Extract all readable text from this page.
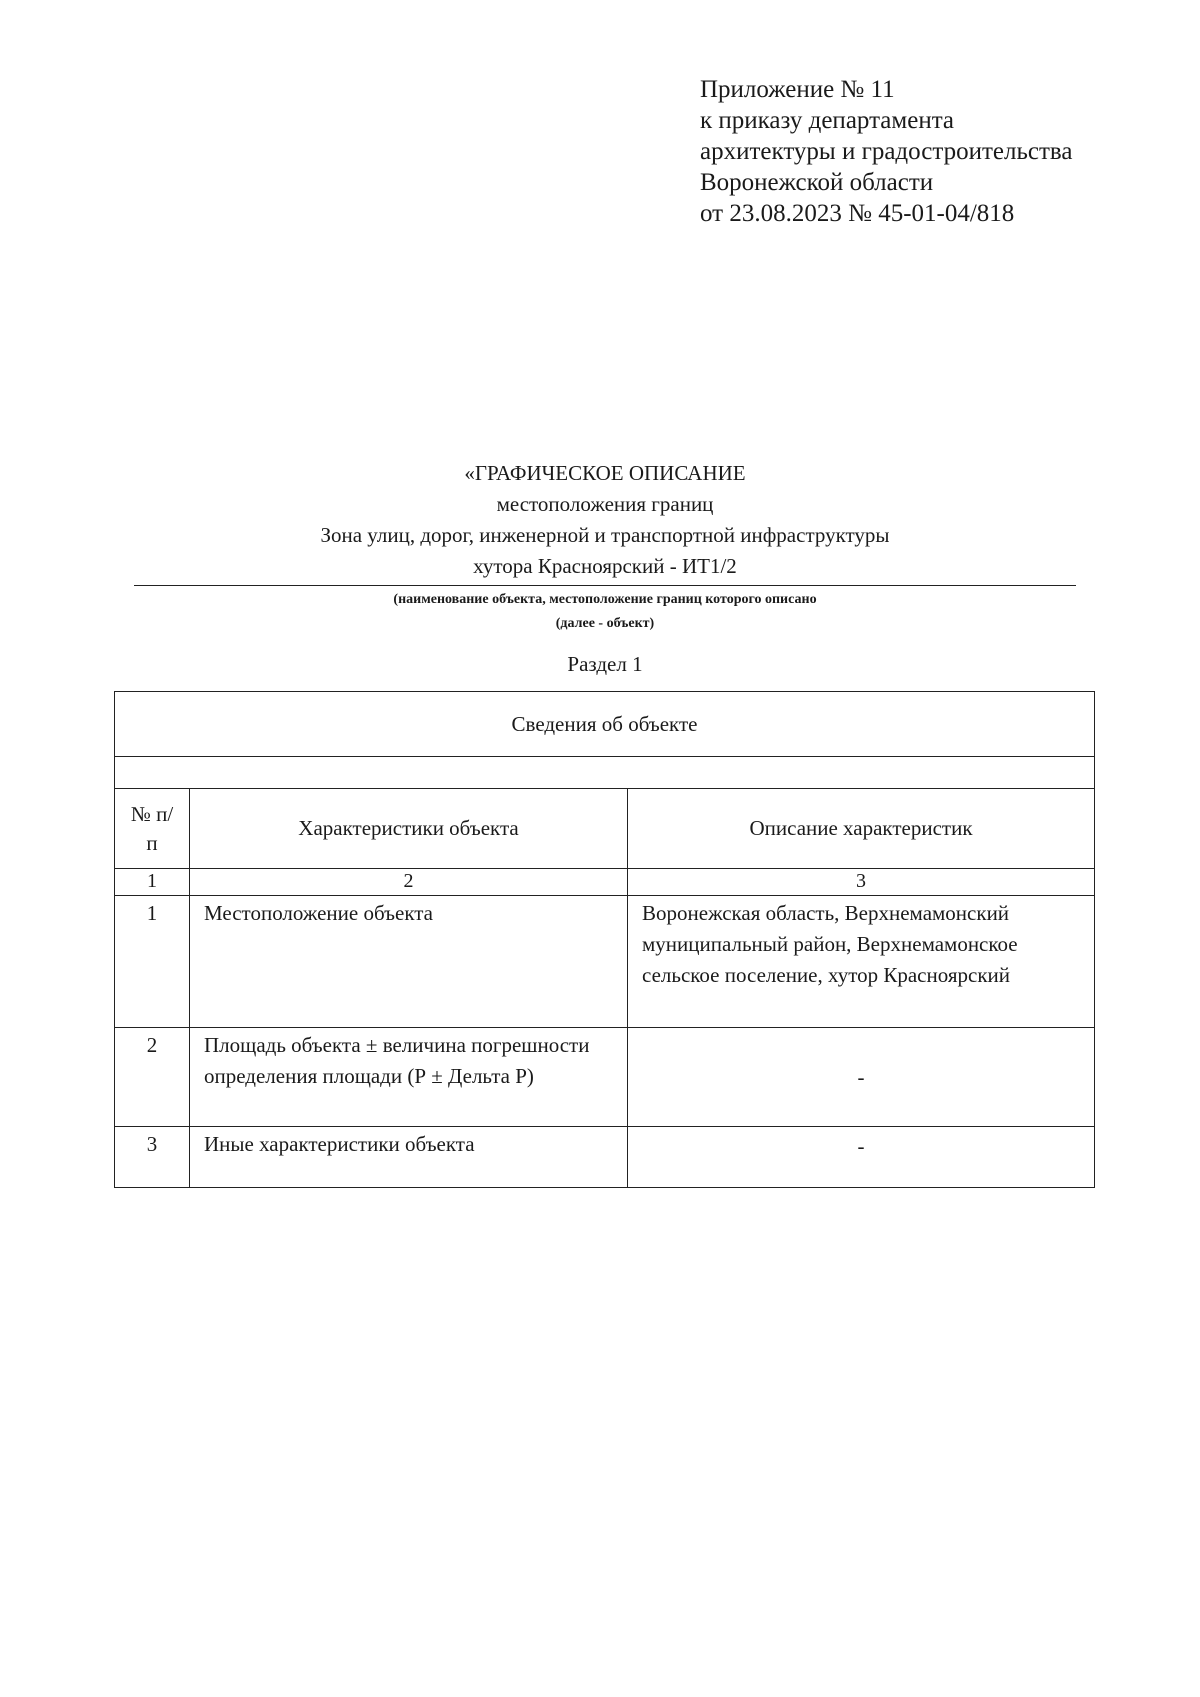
Приложение № 11
к приказу департамента
архитектуры и градостроительства
Воронежской области
от 23.08.2023 № 45-01-04/818
«ГРАФИЧЕСКОЕ ОПИСАНИЕ
местоположения границ
Зона улиц, дорог, инженерной и транспортной инфраструктуры
хутора Красноярский - ИТ1/2
(наименование объекта, местоположение границ которого описано
(далее - объект)
Раздел 1
Сведения об объекте		

№ п/п	Характеристики объекта	Описание характеристик
1	2	3
1	Местоположение объекта	Воронежская область, Верхнемамонский муниципальный район, Верхнемамонское сельское поселение, хутор Красноярский
2	Площадь объекта ± величина погрешности определения площади (Р ± Дельта Р)	-
3	Иные характеристики объекта	-
